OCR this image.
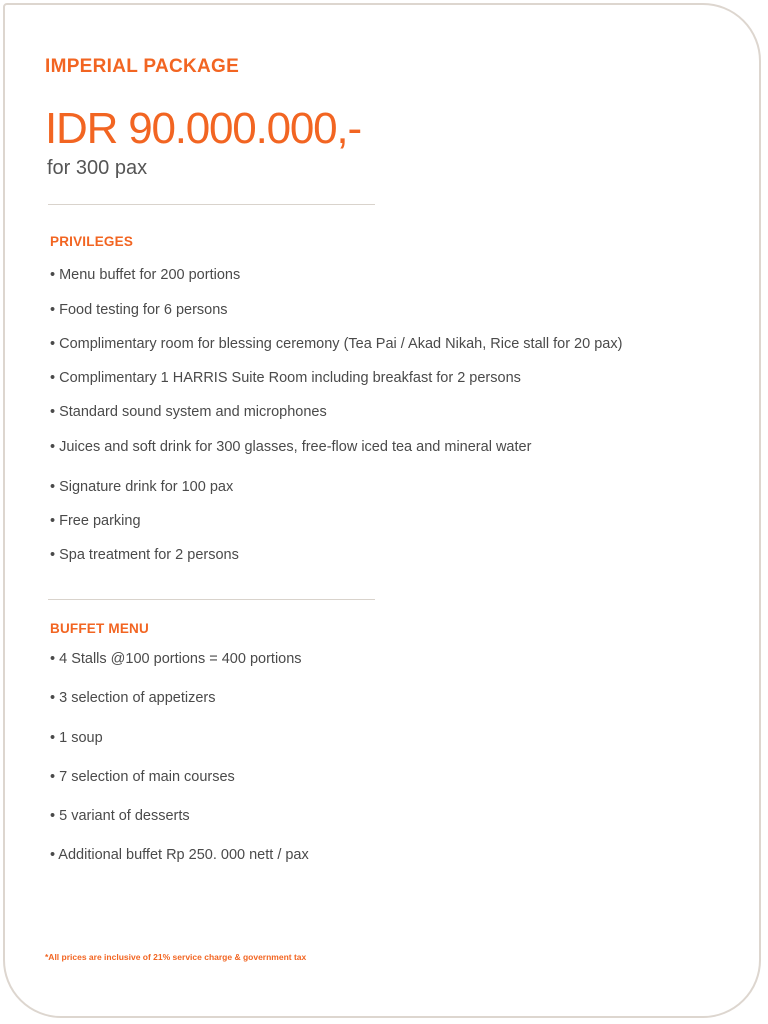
IMPERIAL PACKAGE
IDR 90.000.000,-
for 300 pax
PRIVILEGES
• Menu buffet for 200 portions
• Food testing for 6 persons
• Complimentary room for blessing ceremony (Tea Pai / Akad Nikah, Rice stall for 20 pax)
• Complimentary 1 HARRIS Suite Room including breakfast for 2 persons
• Standard sound system and microphones
• Juices and soft drink for 300 glasses, free-flow iced tea and mineral water
• Signature drink for 100 pax
• Free parking
• Spa treatment for 2 persons
BUFFET MENU
• 4 Stalls @100 portions = 400 portions
• 3 selection of appetizers
• 1 soup
• 7 selection of main courses
• 5 variant of desserts
• Additional buffet Rp 250. 000 nett / pax
*All prices are inclusive of 21% service charge & government tax
